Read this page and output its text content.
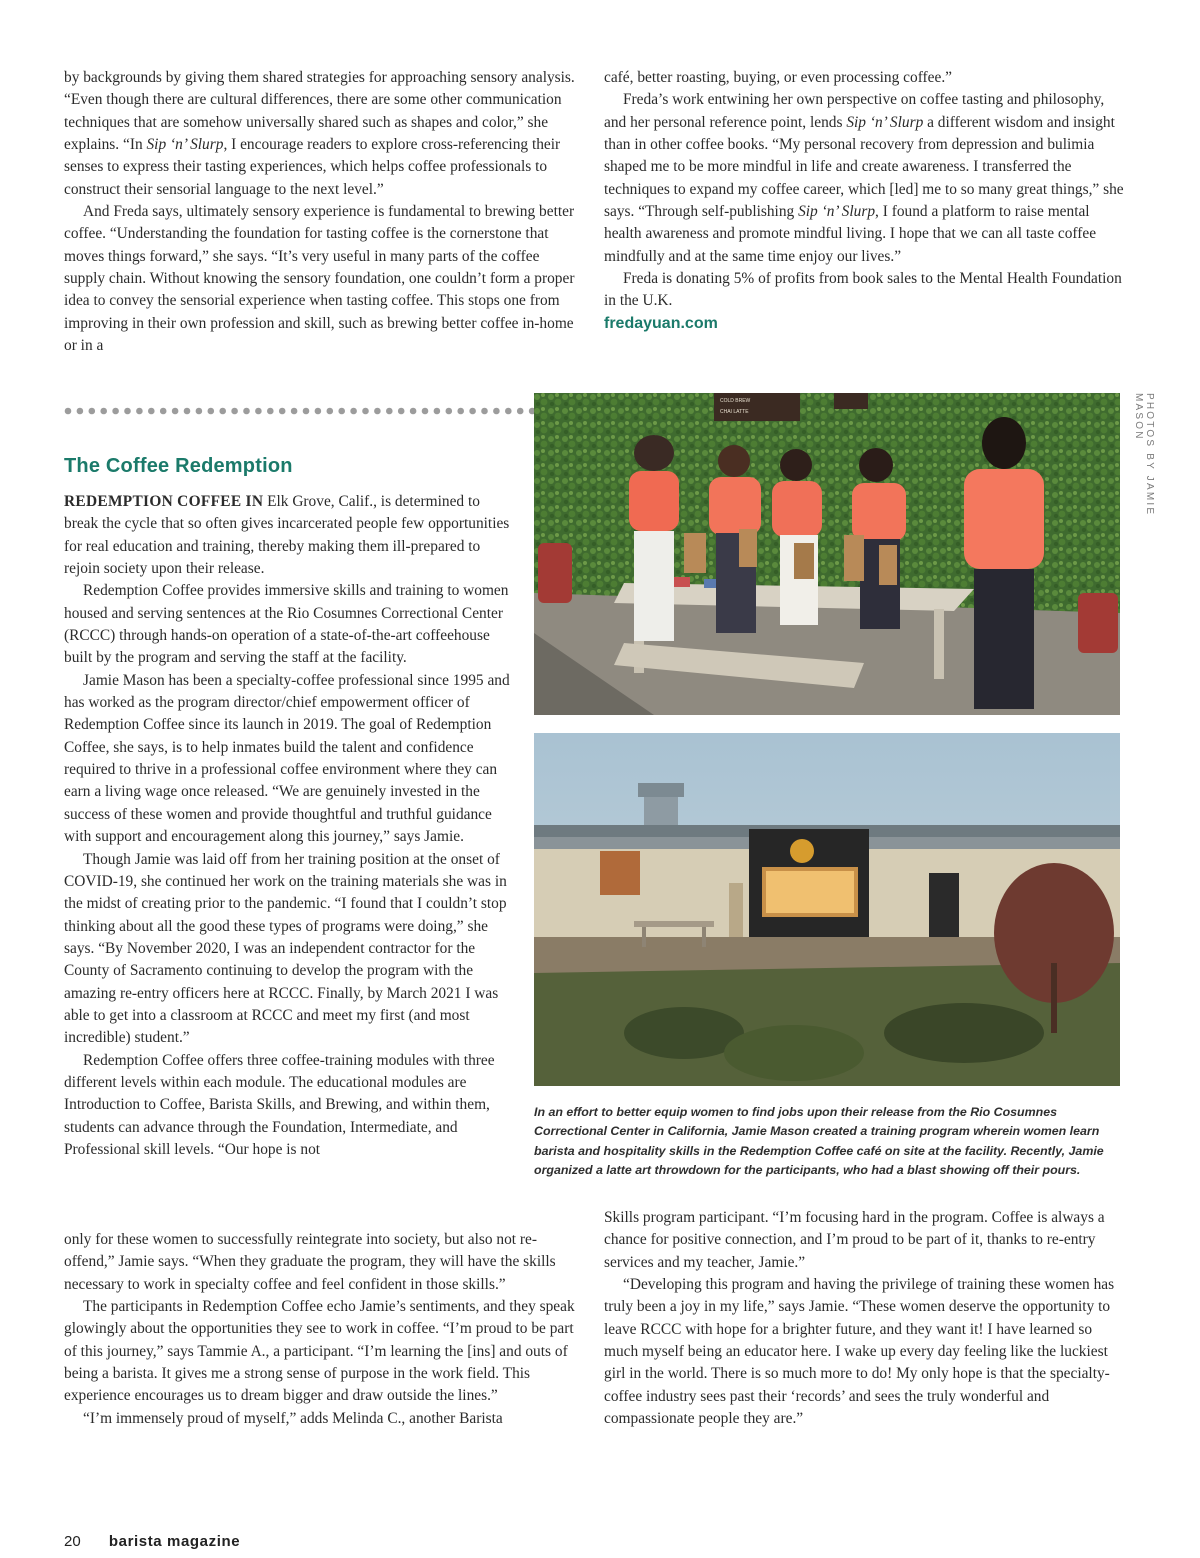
by backgrounds by giving them shared strategies for approaching sensory analysis. “Even though there are cultural differences, there are some other communication techniques that are somehow universally shared such as shapes and color,” she explains. “In Sip ‘n’ Slurp, I encourage readers to explore cross-referencing their senses to express their tasting experiences, which helps coffee professionals to construct their sensorial language to the next level.”

And Freda says, ultimately sensory experience is fundamental to brewing better coffee. “Understanding the foundation for tasting coffee is the cornerstone that moves things forward,” she says. “It’s very useful in many parts of the coffee supply chain. Without knowing the sensory foundation, one couldn’t form a proper idea to convey the sensorial experience when tasting coffee. This stops one from improving in their own profession and skill, such as brewing better coffee in-home or in a

café, better roasting, buying, or even processing coffee.”

Freda’s work entwining her own perspective on coffee tasting and philosophy, and her personal reference point, lends Sip ‘n’ Slurp a different wisdom and insight than in other coffee books. “My personal recovery from depression and bulimia shaped me to be more mindful in life and create awareness. I transferred the techniques to expand my coffee career, which [led] me to so many great things,” she says. “Through self-publishing Sip ‘n’ Slurp, I found a platform to raise mental health awareness and promote mindful living. I hope that we can all taste coffee mindfully and at the same time enjoy our lives.”

Freda is donating 5% of profits from book sales to the Mental Health Foundation in the U.K.

fredayuan.com
The Coffee Redemption

REDEMPTION COFFEE IN Elk Grove, Calif., is determined to break the cycle that so often gives incarcerated people few opportunities for real education and training, thereby making them ill-prepared to rejoin society upon their release.

Redemption Coffee provides immersive skills and training to women housed and serving sentences at the Rio Cosumnes Correctional Center (RCCC) through hands-on operation of a state-of-the-art coffeehouse built by the program and serving the staff at the facility.

Jamie Mason has been a specialty-coffee professional since 1995 and has worked as the program director/chief empowerment officer of Redemption Coffee since its launch in 2019. The goal of Redemption Coffee, she says, is to help inmates build the talent and confidence required to thrive in a professional coffee environment where they can earn a living wage once released. “We are genuinely invested in the success of these women and provide thoughtful and truthful guidance with support and encouragement along this journey,” says Jamie.

Though Jamie was laid off from her training position at the onset of COVID-19, she continued her work on the training materials she was in the midst of creating prior to the pandemic. “I found that I couldn’t stop thinking about all the good these types of programs were doing,” she says. “By November 2020, I was an independent contractor for the County of Sacramento continuing to develop the program with the amazing re-entry officers here at RCCC. Finally, by March 2021 I was able to get into a classroom at RCCC and meet my first (and most incredible) student.”

Redemption Coffee offers three coffee-training modules with three different levels within each module. The educational modules are Introduction to Coffee, Barista Skills, and Brewing, and within them, students can advance through the Foundation, Intermediate, and Professional skill levels. “Our hope is not

only for these women to successfully reintegrate into society, but also not re-offend,” Jamie says. “When they graduate the program, they will have the skills necessary to work in specialty coffee and feel confident in those skills.”

The participants in Redemption Coffee echo Jamie’s sentiments, and they speak glowingly about the opportunities they see to work in coffee. “I’m proud to be part of this journey,” says Tammie A., a participant. “I’m learning the [ins] and outs of being a barista. It gives me a strong sense of purpose in the work field. This experience encourages us to dream bigger and draw outside the lines.”

“I’m immensely proud of myself,” adds Melinda C., another Barista

Skills program participant. “I’m focusing hard in the program. Coffee is always a chance for positive connection, and I’m proud to be part of it, thanks to re-entry services and my teacher, Jamie.”

“Developing this program and having the privilege of training these women has truly been a joy in my life,” says Jamie. “These women deserve the opportunity to leave RCCC with hope for a brighter future, and they want it! I have learned so much myself being an educator here. I wake up every day feeling like the luckiest girl in the world. There is so much more to do! My only hope is that the specialty-coffee industry sees past their ‘records’ and sees the truly wonderful and compassionate people they are.”

COLD BREW
CHAI LATTE	PHOTOS BY JAMIE MASON
In an effort to better equip women to find jobs upon their release from the Rio Cosumnes Correctional Center in California, Jamie Mason created a training program wherein women learn barista and hospitality skills in the Redemption Coffee café on site at the facility. Recently, Jamie organized a latte art throwdown for the participants, who had a blast showing off their pours.
20 barista magazine
